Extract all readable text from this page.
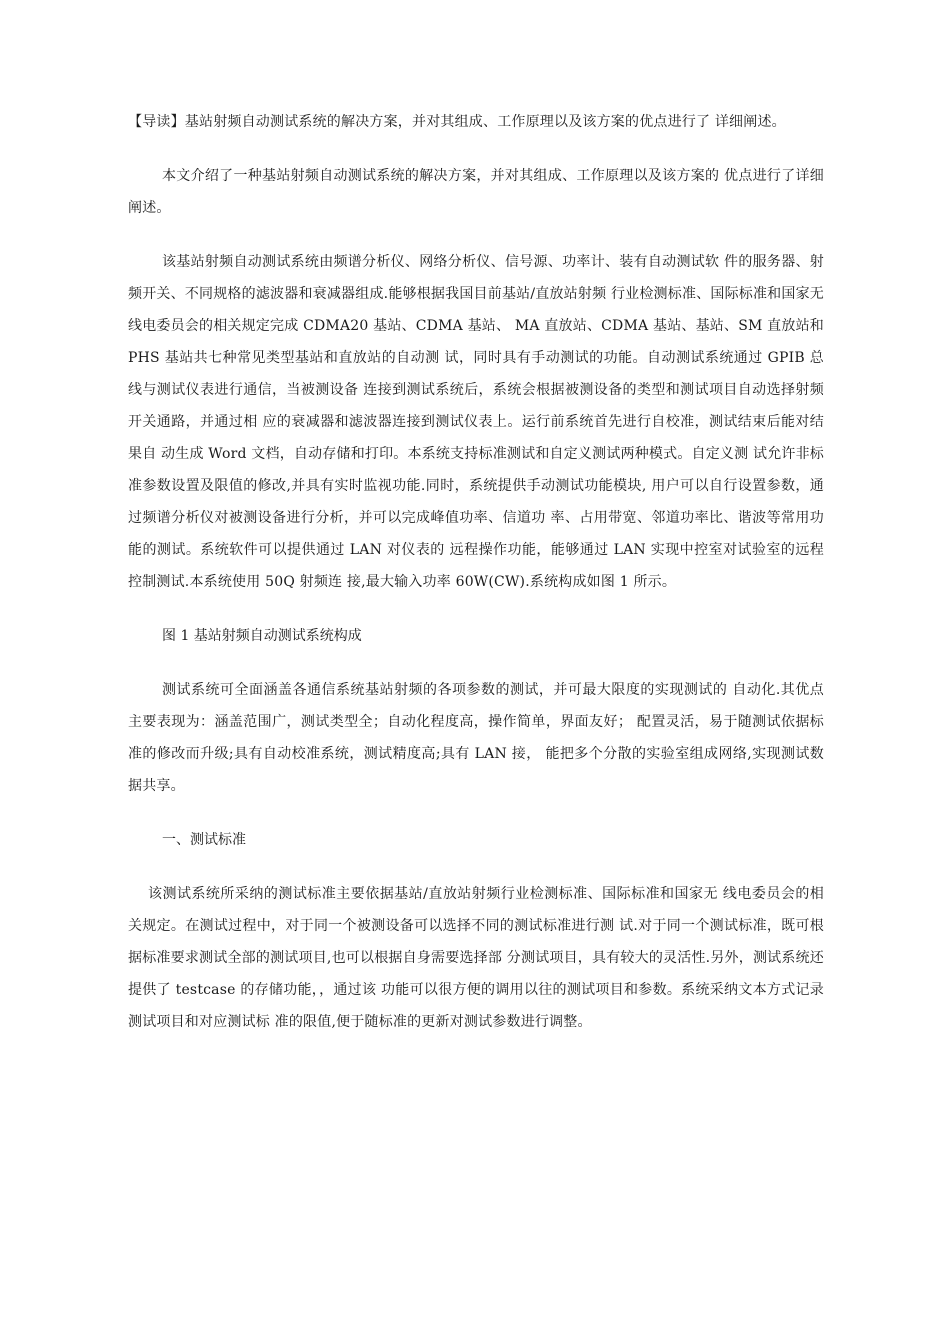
【导读】基站射频自动测试系统的解决方案，并对其组成、工作原理以及该方案的优点进行了 详细阐述。

本文介绍了一种基站射频自动测试系统的解决方案，并对其组成、工作原理以及该方案的 优点进行了详细阐述。

该基站射频自动测试系统由频谱分析仪、网络分析仪、信号源、功率计、装有自动测试软 件的服务器、射频开关、不同规格的滤波器和衰减器组成.能够根据我国目前基站/直放站射频 行业检测标准、国际标准和国家无线电委员会的相关规定完成 CDMA20 基站、CDMA 基站、 MA 直放站、CDMA 基站、基站、SM 直放站和 PHS 基站共七种常见类型基站和直放站的自动测 试，同时具有手动测试的功能。自动测试系统通过 GPIB 总线与测试仪表进行通信，当被测设备 连接到测试系统后，系统会根据被测设备的类型和测试项目自动选择射频开关通路，并通过相 应的衰减器和滤波器连接到测试仪表上。运行前系统首先进行自校准，测试结束后能对结果自 动生成 Word 文档，自动存储和打印。本系统支持标准测试和自定义测试两种模式。自定义测 试允许非标准参数设置及限值的修改,并具有实时监视功能.同时，系统提供手动测试功能模块, 用户可以自行设置参数，通过频谱分析仪对被测设备进行分析，并可以完成峰值功率、信道功 率、占用带宽、邻道功率比、谐波等常用功能的测试。系统软件可以提供通过 LAN 对仪表的 远程操作功能，能够通过 LAN 实现中控室对试验室的远程控制测试.本系统使用 50Q 射频连 接,最大输入功率 60W(CW).系统构成如图 1 所示。

图 1 基站射频自动测试系统构成

测试系统可全面涵盖各通信系统基站射频的各项参数的测试，并可最大限度的实现测试的 自动化.其优点主要表现为：涵盖范围广，测试类型全；自动化程度高，操作简单，界面友好； 配置灵活，易于随测试依据标准的修改而升级;具有自动校准系统，测试精度高;具有 LAN 接， 能把多个分散的实验室组成网络,实现测试数据共享。

一、测试标准

该测试系统所采纳的测试标准主要依据基站/直放站射频行业检测标准、国际标准和国家无 线电委员会的相关规定。在测试过程中，对于同一个被测设备可以选择不同的测试标准进行测 试.对于同一个测试标准，既可根据标准要求测试全部的测试项目,也可以根据自身需要选择部 分测试项目，具有较大的灵活性.另外，测试系统还提供了 testcase 的存储功能，，通过该 功能可以很方便的调用以往的测试项目和参数。系统采纳文本方式记录测试项目和对应测试标 准的限值,便于随标准的更新对测试参数进行调整。
